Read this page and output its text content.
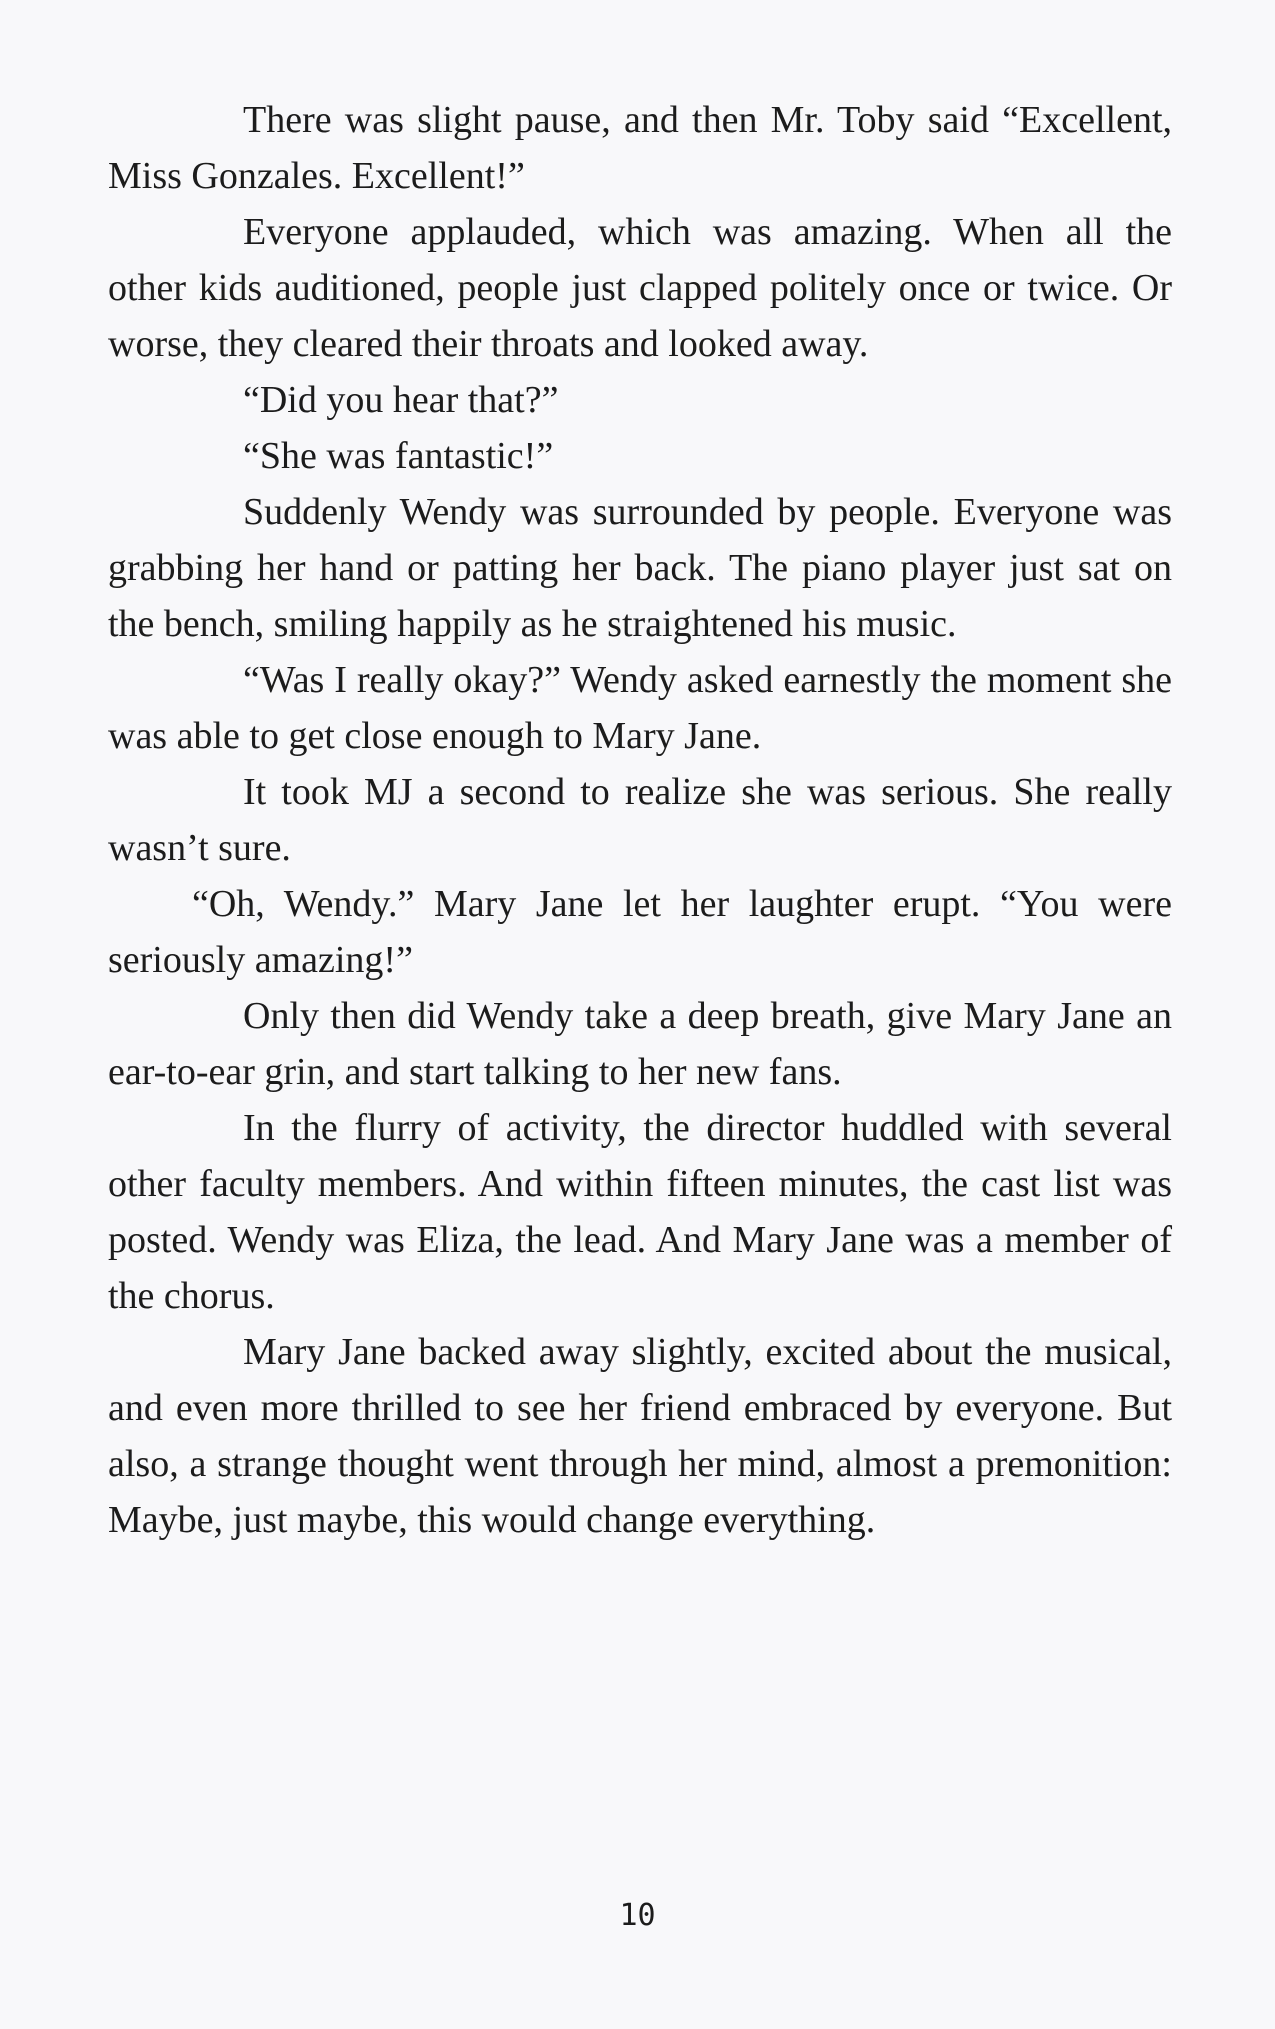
There was slight pause, and then Mr. Toby said “Excellent, Miss Gonzales. Excellent!”

Everyone applauded, which was amazing. When all the other kids auditioned, people just clapped politely once or twice. Or worse, they cleared their throats and looked away.

“Did you hear that?”

“She was fantastic!”

Suddenly Wendy was surrounded by people. Everyone was grabbing her hand or patting her back. The piano player just sat on the bench, smiling happily as he straightened his music.

“Was I really okay?” Wendy asked earnestly the moment she was able to get close enough to Mary Jane.

It took MJ a second to realize she was serious. She really wasn’t sure.

“Oh, Wendy.” Mary Jane let her laughter erupt. “You were seriously amazing!”

Only then did Wendy take a deep breath, give Mary Jane an ear-to-ear grin, and start talking to her new fans.

In the flurry of activity, the director huddled with several other faculty members. And within fifteen minutes, the cast list was posted. Wendy was Eliza, the lead. And Mary Jane was a member of the chorus.

Mary Jane backed away slightly, excited about the musical, and even more thrilled to see her friend embraced by everyone. But also, a strange thought went through her mind, almost a premonition: Maybe, just maybe, this would change everything.

10
